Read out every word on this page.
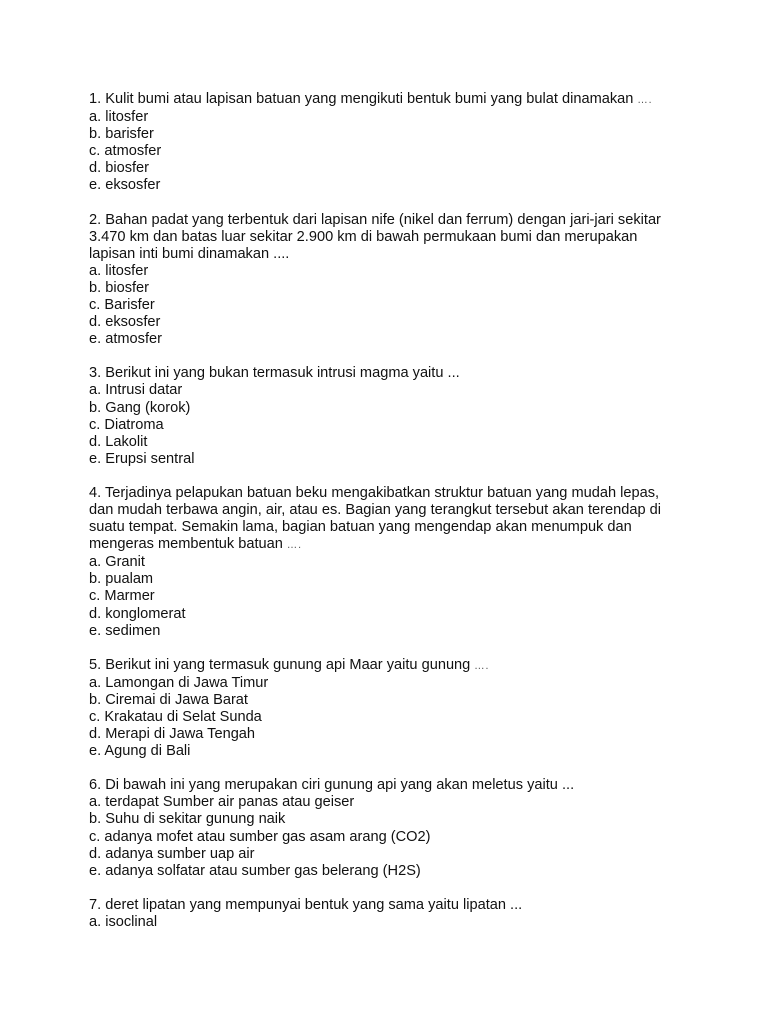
1. Kulit bumi atau lapisan batuan yang mengikuti bentuk bumi yang bulat dinamakan ….
a. litosfer
b. barisfer
c. atmosfer
d. biosfer
e. eksosfer
2. Bahan padat yang terbentuk dari lapisan nife (nikel dan ferrum) dengan jari-jari sekitar
3.470 km dan batas luar sekitar 2.900 km di bawah permukaan bumi dan merupakan
lapisan inti bumi dinamakan ....
a. litosfer
b. biosfer
c. Barisfer
d. eksosfer
e. atmosfer
3. Berikut ini yang bukan termasuk intrusi magma yaitu ...
a. Intrusi datar
b. Gang (korok)
c. Diatroma
d. Lakolit
e. Erupsi sentral
4. Terjadinya pelapukan batuan beku mengakibatkan struktur batuan yang mudah lepas,
dan mudah terbawa angin, air, atau es. Bagian yang terangkut tersebut akan terendap di
suatu tempat. Semakin lama, bagian batuan yang mengendap akan menumpuk dan
mengeras membentuk batuan ….
a. Granit
b. pualam
c. Marmer
d. konglomerat
e. sedimen
5. Berikut ini yang termasuk gunung api Maar yaitu gunung ….
a. Lamongan di Jawa Timur
b. Ciremai di Jawa Barat
c. Krakatau di Selat Sunda
d. Merapi di Jawa Tengah
e. Agung di Bali
6. Di bawah ini yang merupakan ciri gunung api yang akan meletus yaitu ...
a. terdapat Sumber air panas atau geiser
b. Suhu di sekitar gunung naik
c. adanya mofet atau sumber gas asam arang (CO2)
d. adanya sumber uap air
e. adanya solfatar atau sumber gas belerang (H2S)
7. deret lipatan yang mempunyai bentuk yang sama yaitu lipatan ...
a. isoclinal
